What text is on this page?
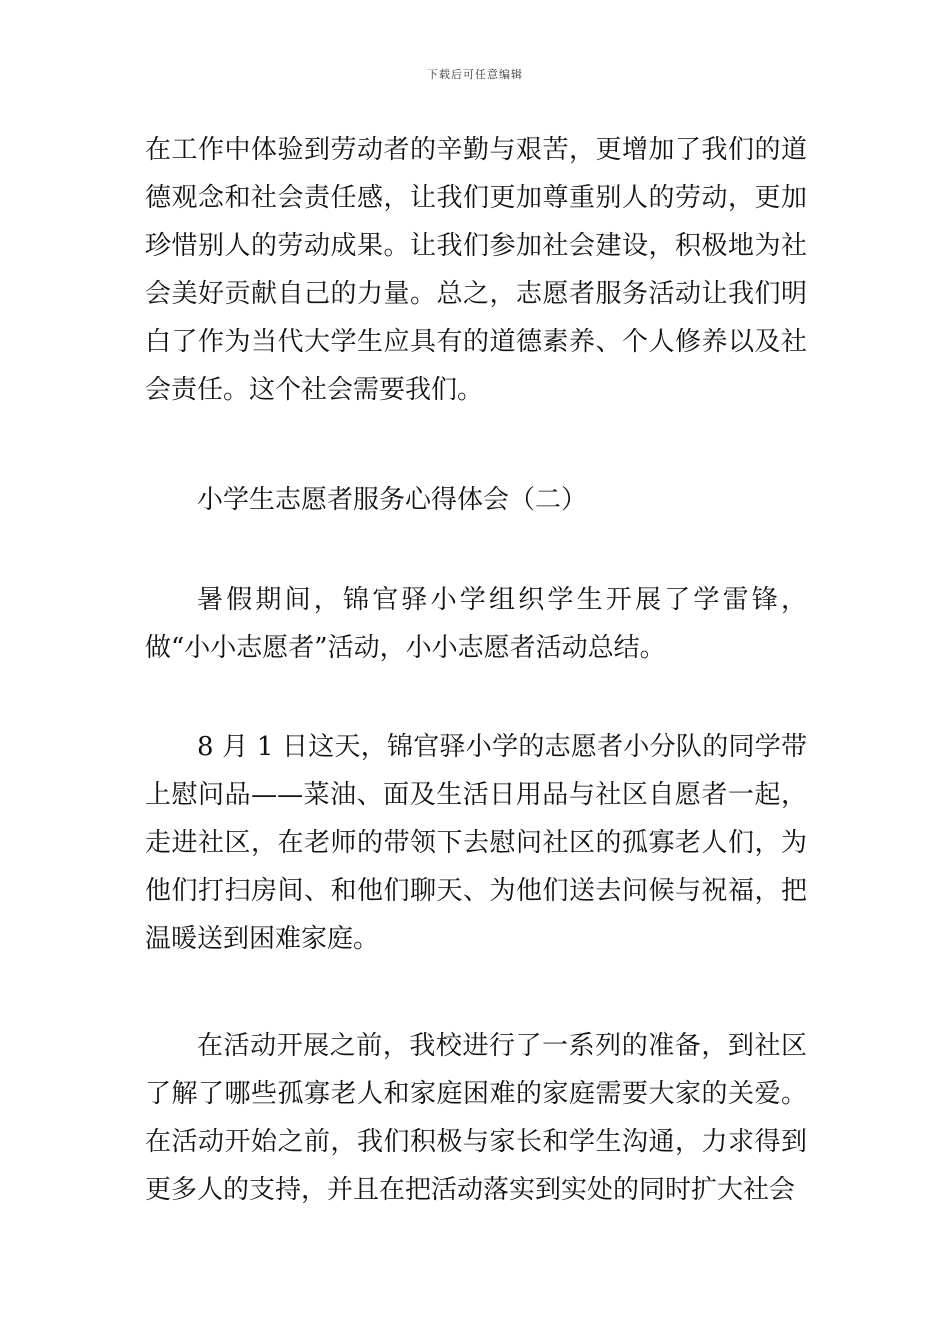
下载后可任意编辑

在工作中体验到劳动者的辛勤与艰苦，更增加了我们的道德观念和社会责任感，让我们更加尊重别人的劳动，更加珍惜别人的劳动成果。让我们参加社会建设，积极地为社会美好贡献自己的力量。总之，志愿者服务活动让我们明白了作为当代大学生应具有的道德素养、个人修养以及社会责任。这个社会需要我们。

小学生志愿者服务心得体会（二）

暑假期间，锦官驿小学组织学生开展了学雷锋，做“小小志愿者”活动，小小志愿者活动总结。

8 月 1 日这天，锦官驿小学的志愿者小分队的同学带上慰问品——菜油、面及生活日用品与社区自愿者一起，走进社区，在老师的带领下去慰问社区的孤寡老人们，为他们打扫房间、和他们聊天、为他们送去问候与祝福，把温暖送到困难家庭。

在活动开展之前，我校进行了一系列的准备，到社区了解了哪些孤寡老人和家庭困难的家庭需要大家的关爱。在活动开始之前，我们积极与家长和学生沟通，力求得到更多人的支持，并且在把活动落实到实处的同时扩大社会
